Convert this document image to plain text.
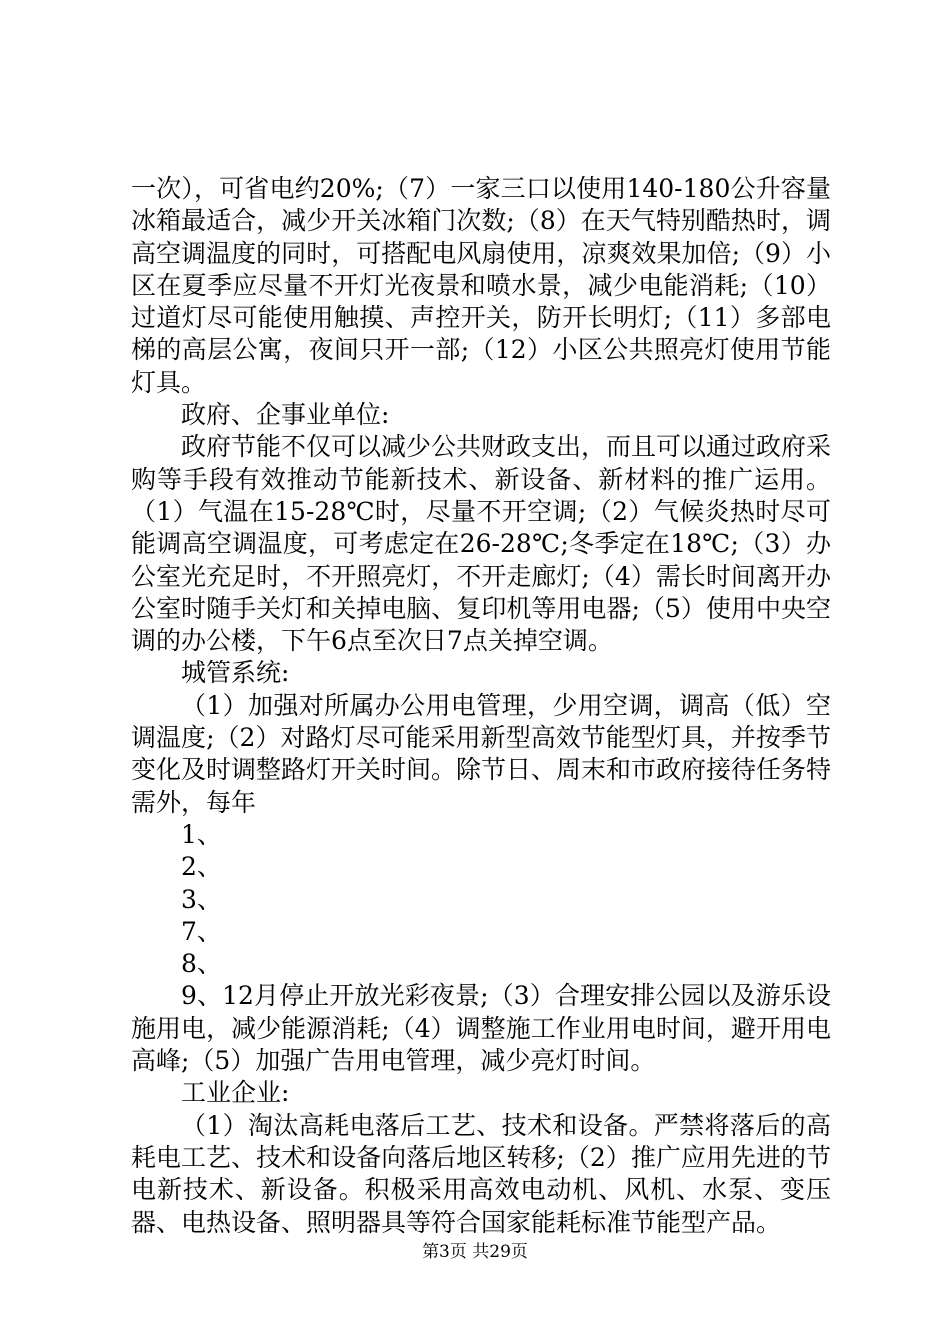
一次），可省电约20%;（7）一家三口以使用140-180公升容量冰箱最适合，减少开关冰箱门次数;（8）在天气特别酷热时，调高空调温度的同时，可搭配电风扇使用，凉爽效果加倍;（9）小区在夏季应尽量不开灯光夜景和喷水景，减少电能消耗;（10）过道灯尽可能使用触摸、声控开关，防开长明灯;（11）多部电梯的高层公寓，夜间只开一部;（12）小区公共照亮灯使用节能灯具。

政府、企事业单位:

政府节能不仅可以减少公共财政支出，而且可以通过政府采购等手段有效推动节能新技术、新设备、新材料的推广运用。（1）气温在15-28℃时，尽量不开空调;（2）气候炎热时尽可能调高空调温度，可考虑定在26-28℃;冬季定在18℃;（3）办公室光充足时，不开照亮灯，不开走廊灯;（4）需长时间离开办公室时随手关灯和关掉电脑、复印机等用电器;（5）使用中央空调的办公楼，下午6点至次日7点关掉空调。

城管系统:

（1）加强对所属办公用电管理，少用空调，调高（低）空调温度;（2）对路灯尽可能采用新型高效节能型灯具，并按季节变化及时调整路灯开关时间。除节日、周末和市政府接待任务特需外，每年

1、

2、

3、

7、

8、

9、12月停止开放光彩夜景;（3）合理安排公园以及游乐设施用电，减少能源消耗;（4）调整施工作业用电时间，避开用电高峰;（5）加强广告用电管理，减少亮灯时间。

工业企业:

（1）淘汰高耗电落后工艺、技术和设备。严禁将落后的高耗电工艺、技术和设备向落后地区转移;（2）推广应用先进的节电新技术、新设备。积极采用高效电动机、风机、水泵、变压器、电热设备、照明器具等符合国家能耗标准节能型产品。

第3页 共29页
